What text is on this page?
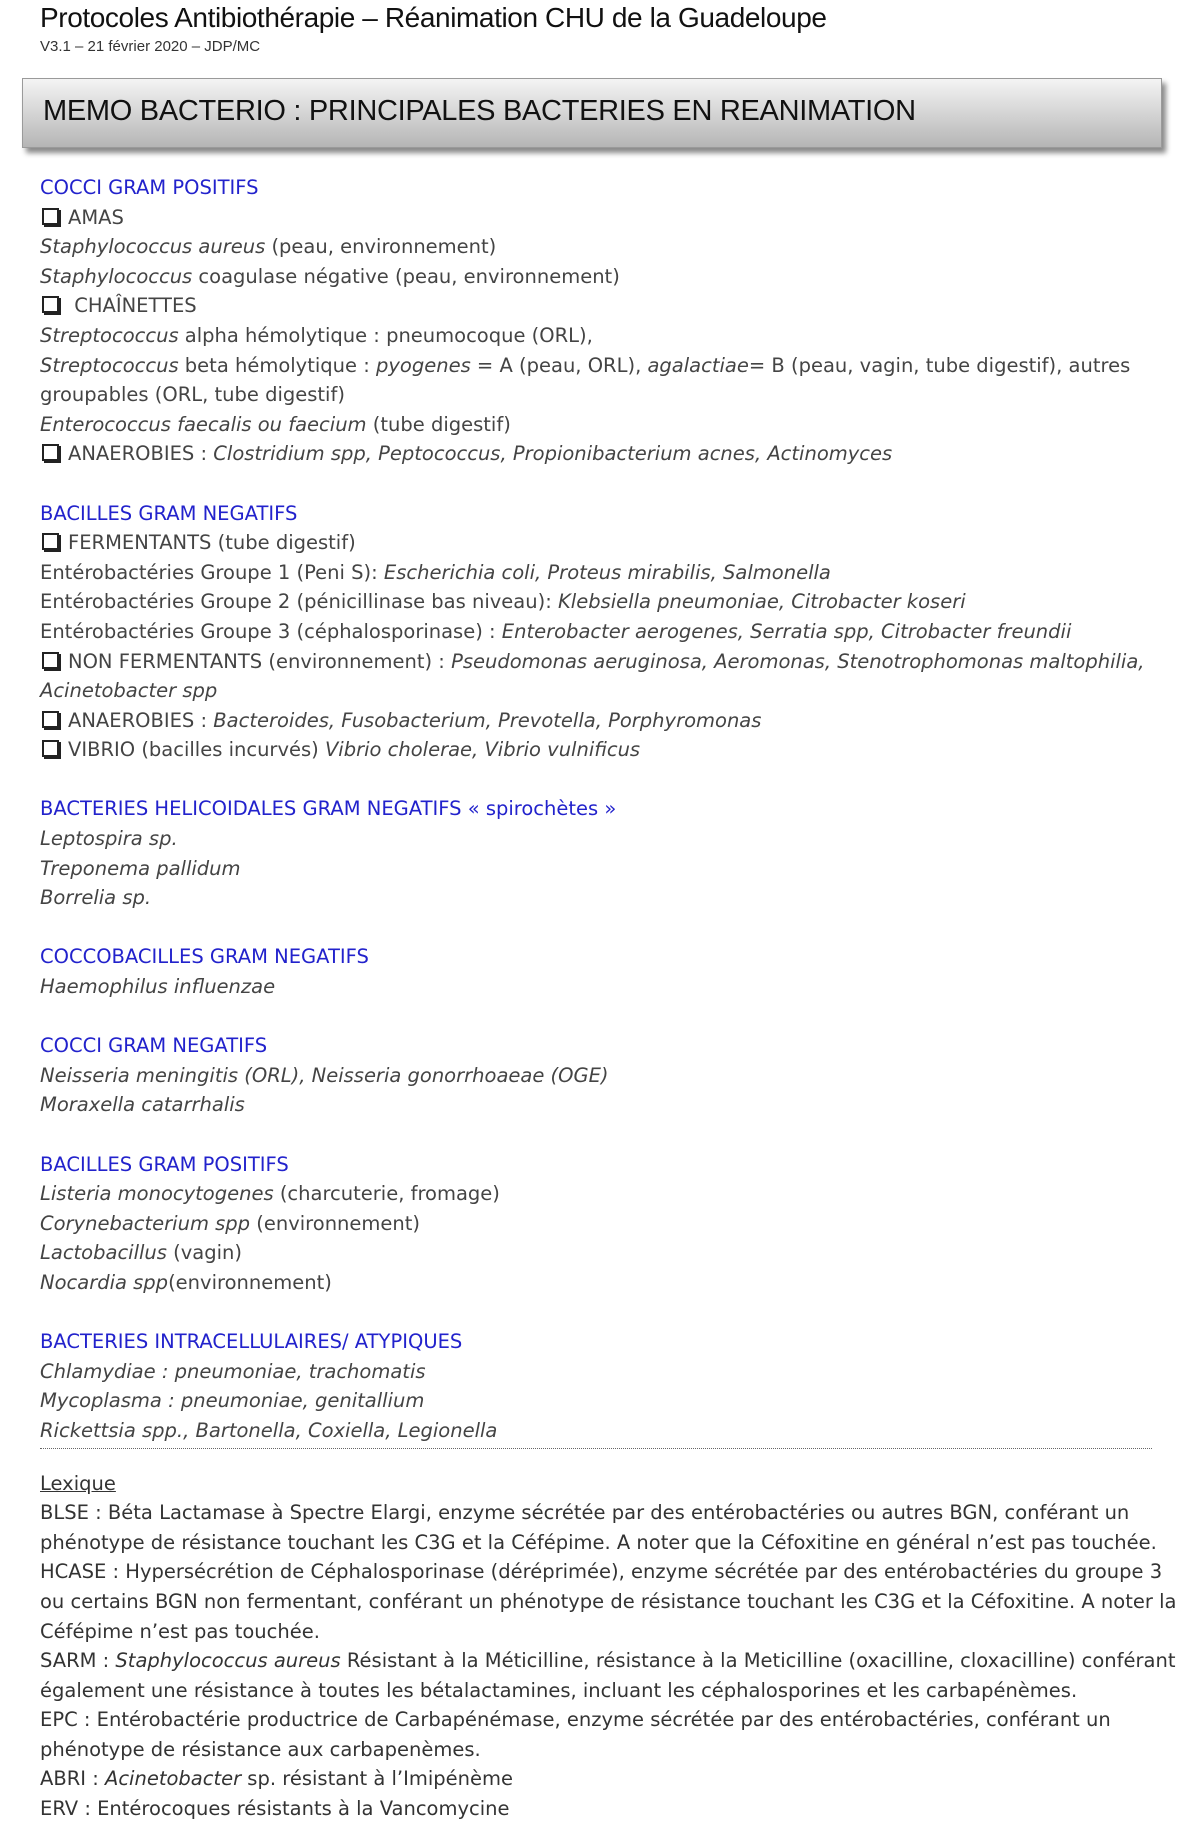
Protocoles Antibiothérapie – Réanimation CHU de la Guadeloupe
V3.1 – 21 février 2020 – JDP/MC
MEMO BACTERIO : PRINCIPALES BACTERIES EN REANIMATION
COCCI GRAM POSITIFS
AMAS
Staphylococcus aureus (peau, environnement)
Staphylococcus coagulase négative (peau, environnement)
CHAÎNETTES
Streptococcus alpha hémolytique : pneumocoque (ORL),
Streptococcus beta hémolytique : pyogenes = A (peau, ORL), agalactiae= B (peau, vagin, tube digestif), autres
groupables (ORL, tube digestif)
Enterococcus faecalis ou faecium (tube digestif)
ANAEROBIES : Clostridium spp, Peptococcus, Propionibacterium acnes, Actinomyces
BACILLES GRAM NEGATIFS
FERMENTANTS (tube digestif)
Entérobactéries Groupe 1 (Peni S): Escherichia coli, Proteus mirabilis, Salmonella
Entérobactéries Groupe 2 (pénicillinase bas niveau): Klebsiella pneumoniae, Citrobacter koseri
Entérobactéries Groupe 3 (céphalosporinase) : Enterobacter aerogenes, Serratia spp, Citrobacter freundii
NON FERMENTANTS (environnement) : Pseudomonas aeruginosa, Aeromonas, Stenotrophomonas maltophilia,
Acinetobacter spp
ANAEROBIES : Bacteroides, Fusobacterium, Prevotella, Porphyromonas
VIBRIO (bacilles incurvés) Vibrio cholerae, Vibrio vulnificus
BACTERIES HELICOIDALES GRAM NEGATIFS « spirochètes »
Leptospira sp.
Treponema pallidum
Borrelia sp.
COCCOBACILLES GRAM NEGATIFS
Haemophilus influenzae
COCCI GRAM NEGATIFS
Neisseria meningitis (ORL), Neisseria gonorrhoaeae (OGE)
Moraxella catarrhalis
BACILLES GRAM POSITIFS
Listeria monocytogenes (charcuterie, fromage)
Corynebacterium spp (environnement)
Lactobacillus (vagin)
Nocardia spp(environnement)
BACTERIES INTRACELLULAIRES/ ATYPIQUES
Chlamydiae : pneumoniae, trachomatis
Mycoplasma : pneumoniae, genitallium
Rickettsia spp., Bartonella, Coxiella, Legionella
Lexique
BLSE : Béta Lactamase à Spectre Elargi, enzyme sécrétée par des entérobactéries ou autres BGN, conférant un phénotype de résistance touchant les C3G et la Céfépime. A noter que la Céfoxitine en général n’est pas touchée.
HCASE : Hypersécrétion de Céphalosporinase (déréprimée), enzyme sécrétée par des entérobactéries du groupe 3 ou certains BGN non fermentant, conférant un phénotype de résistance touchant les C3G et la Céfoxitine. A noter la Céfépime n’est pas touchée.
SARM : Staphylococcus aureus Résistant à la Méticilline, résistance à la Meticilline (oxacilline, cloxacilline) conférant également une résistance à toutes les bétalactamines, incluant les céphalosporines et les carbapénèmes.
EPC : Entérobactérie productrice de Carbapénémase, enzyme sécrétée par des entérobactéries, conférant un phénotype de résistance aux carbapenèmes.
ABRI : Acinetobacter sp. résistant à l’Imipénème
ERV : Entérocoques résistants à la Vancomycine
